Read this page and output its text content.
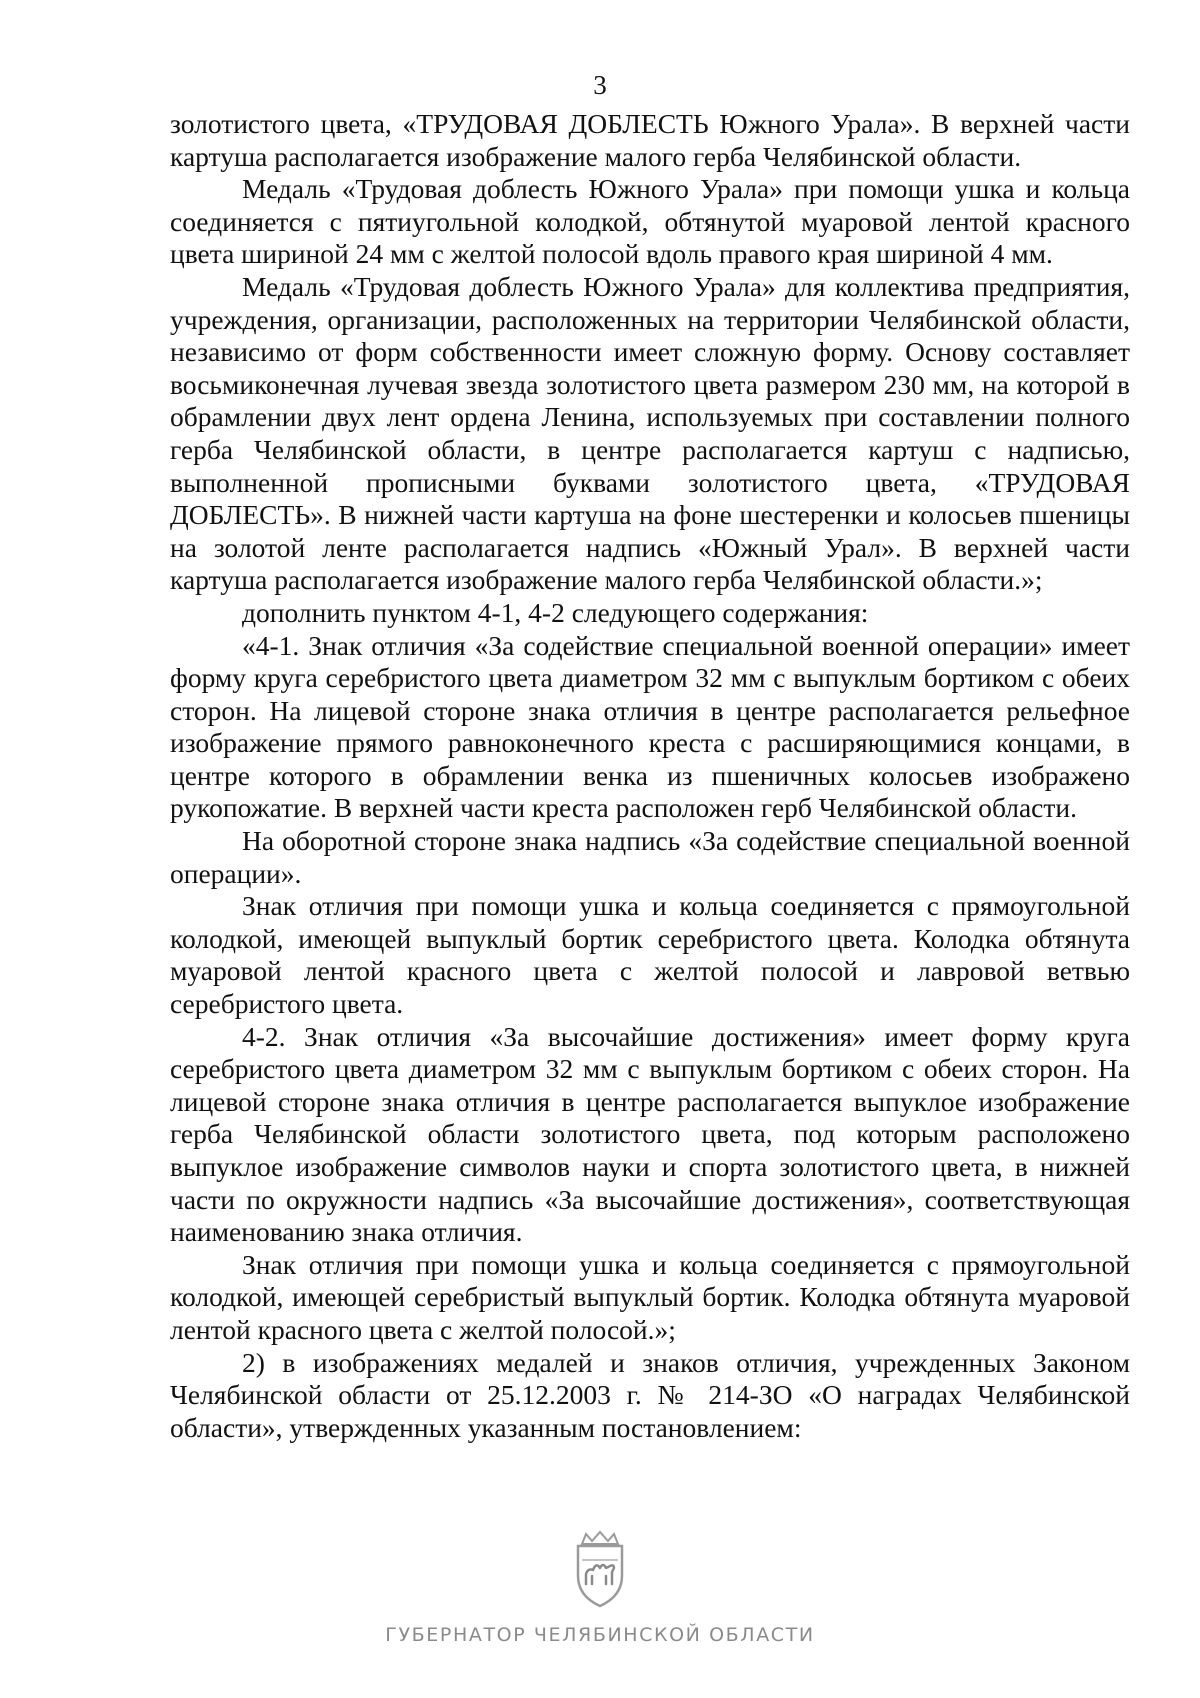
3

золотистого цвета, «ТРУДОВАЯ ДОБЛЕСТЬ Южного Урала». В верхней части картуша располагается изображение малого герба Челябинской области.

Медаль «Трудовая доблесть Южного Урала» при помощи ушка и кольца соединяется с пятиугольной колодкой, обтянутой муаровой лентой красного цвета шириной 24 мм с желтой полосой вдоль правого края шириной 4 мм.

Медаль «Трудовая доблесть Южного Урала» для коллектива предприятия, учреждения, организации, расположенных на территории Челябинской области, независимо от форм собственности имеет сложную форму. Основу составляет восьмиконечная лучевая звезда золотистого цвета размером 230 мм, на которой в обрамлении двух лент ордена Ленина, используемых при составлении полного герба Челябинской области, в центре располагается картуш с надписью, выполненной прописными буквами золотистого цвета, «ТРУДОВАЯ ДОБЛЕСТЬ». В нижней части картуша на фоне шестеренки и колосьев пшеницы на золотой ленте располагается надпись «Южный Урал». В верхней части картуша располагается изображение малого герба Челябинской области.»;

дополнить пунктом 4-1, 4-2 следующего содержания:

«4-1. Знак отличия «За содействие специальной военной операции» имеет форму круга серебристого цвета диаметром 32 мм с выпуклым бортиком с обеих сторон. На лицевой стороне знака отличия в центре располагается рельефное изображение прямого равноконечного креста с расширяющимися концами, в центре которого в обрамлении венка из пшеничных колосьев изображено рукопожатие. В верхней части креста расположен герб Челябинской области.

На оборотной стороне знака надпись «За содействие специальной военной операции».

Знак отличия при помощи ушка и кольца соединяется с прямоугольной колодкой, имеющей выпуклый бортик серебристого цвета. Колодка обтянута муаровой лентой красного цвета с желтой полосой и лавровой ветвью серебристого цвета.

4-2. Знак отличия «За высочайшие достижения» имеет форму круга серебристого цвета диаметром 32 мм с выпуклым бортиком с обеих сторон. На лицевой стороне знака отличия в центре располагается выпуклое изображение герба Челябинской области золотистого цвета, под которым расположено выпуклое изображение символов науки и спорта золотистого цвета, в нижней части по окружности надпись «За высочайшие достижения», соответствующая наименованию знака отличия.

Знак отличия при помощи ушка и кольца соединяется с прямоугольной колодкой, имеющей серебристый выпуклый бортик. Колодка обтянута муаровой лентой красного цвета с желтой полосой.»;

2) в изображениях медалей и знаков отличия, учрежденных Законом Челябинской области от 25.12.2003 г. № 214-ЗО «О наградах Челябинской области», утвержденных указанным постановлением:

ГУБЕРНАТОР ЧЕЛЯБИНСКОЙ ОБЛАСТИ
